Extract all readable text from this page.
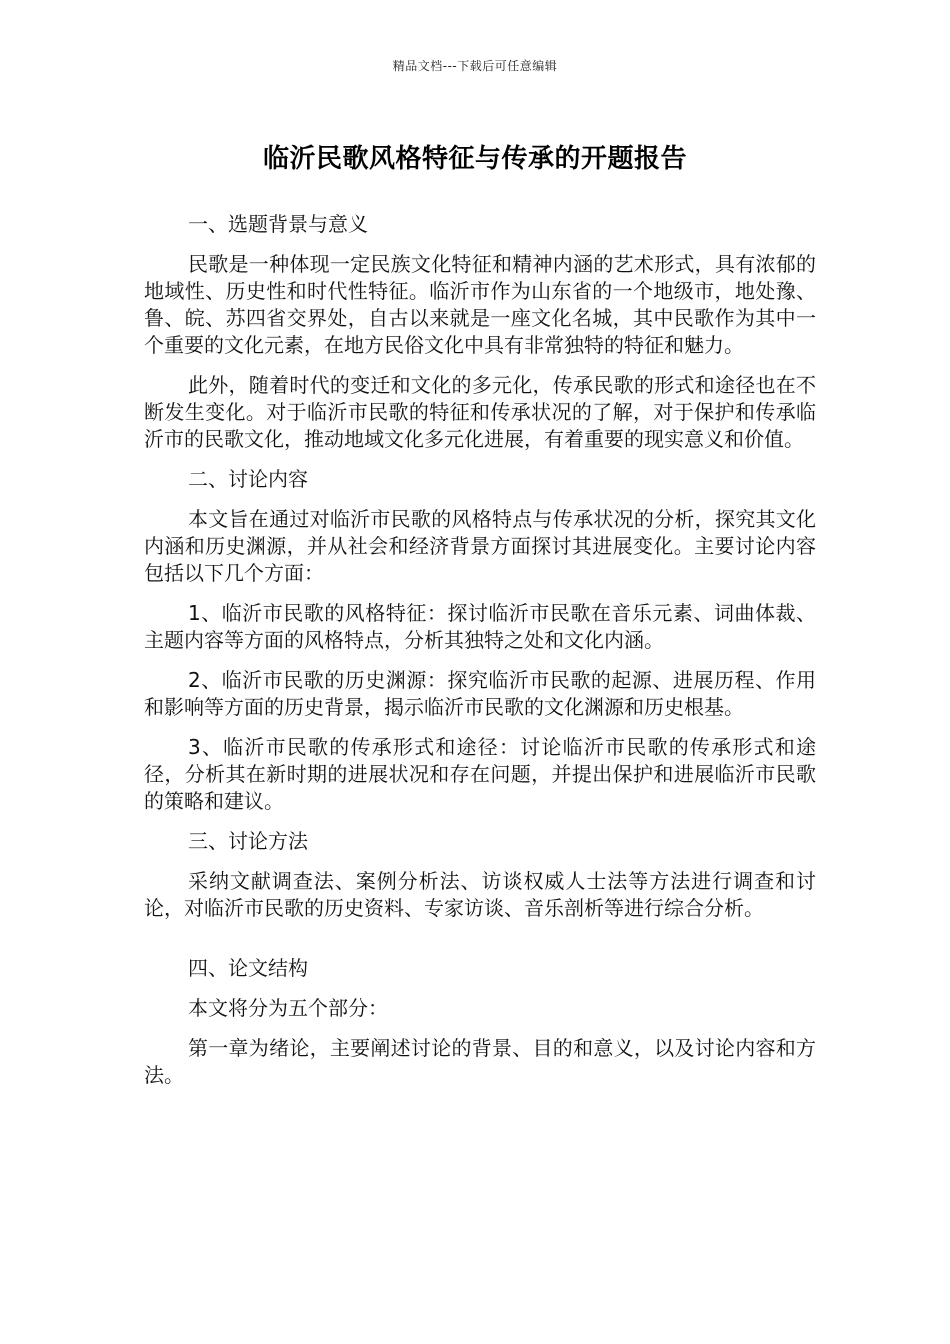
精品文档---下载后可任意编辑
临沂民歌风格特征与传承的开题报告

一、选题背景与意义

民歌是一种体现一定民族文化特征和精神内涵的艺术形式，具有浓郁的地域性、历史性和时代性特征。临沂市作为山东省的一个地级市，地处豫、鲁、皖、苏四省交界处，自古以来就是一座文化名城，其中民歌作为其中一个重要的文化元素，在地方民俗文化中具有非常独特的特征和魅力。

此外，随着时代的变迁和文化的多元化，传承民歌的形式和途径也在不断发生变化。对于临沂市民歌的特征和传承状况的了解，对于保护和传承临沂市的民歌文化，推动地域文化多元化进展，有着重要的现实意义和价值。

二、讨论内容

本文旨在通过对临沂市民歌的风格特点与传承状况的分析，探究其文化内涵和历史渊源，并从社会和经济背景方面探讨其进展变化。主要讨论内容包括以下几个方面：

1、临沂市民歌的风格特征：探讨临沂市民歌在音乐元素、词曲体裁、主题内容等方面的风格特点，分析其独特之处和文化内涵。

2、临沂市民歌的历史渊源：探究临沂市民歌的起源、进展历程、作用和影响等方面的历史背景，揭示临沂市民歌的文化渊源和历史根基。

3、临沂市民歌的传承形式和途径：讨论临沂市民歌的传承形式和途径，分析其在新时期的进展状况和存在问题，并提出保护和进展临沂市民歌的策略和建议。

三、讨论方法

采纳文献调查法、案例分析法、访谈权威人士法等方法进行调查和讨论，对临沂市民歌的历史资料、专家访谈、音乐剖析等进行综合分析。

四、论文结构

本文将分为五个部分：

第一章为绪论，主要阐述讨论的背景、目的和意义，以及讨论内容和方法。
